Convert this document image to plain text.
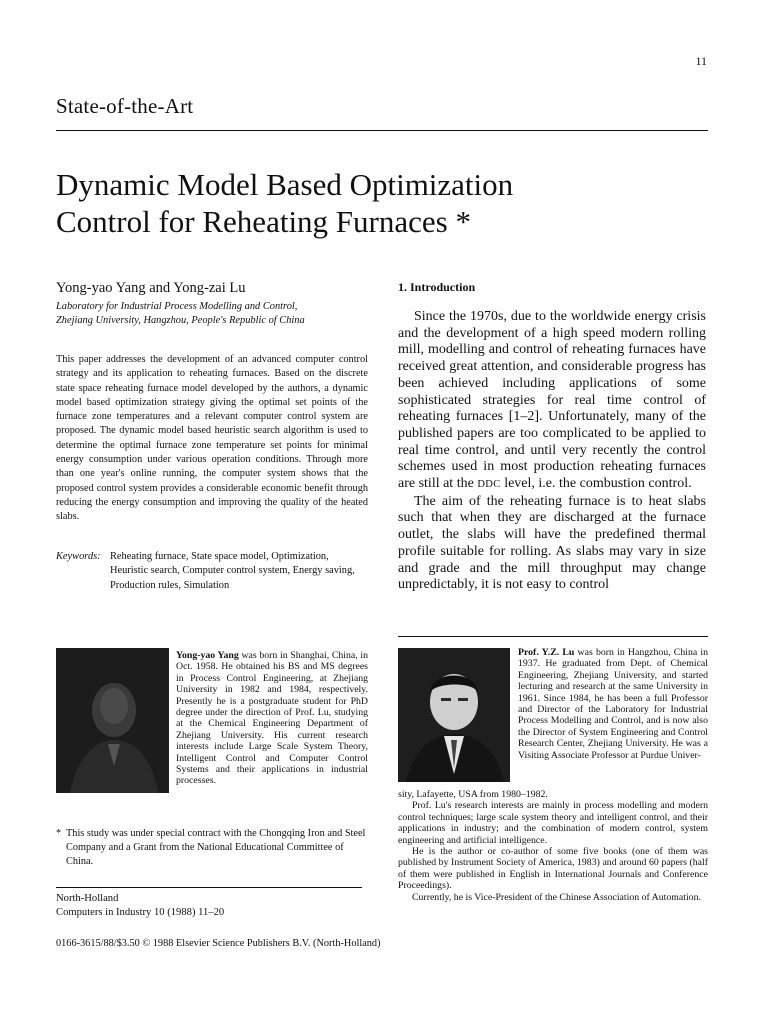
11
State-of-the-Art
Dynamic Model Based Optimization
Control for Reheating Furnaces *
Yong-yao Yang and Yong-zai Lu
Laboratory for Industrial Process Modelling and Control,
Zhejiang University, Hangzhou, People's Republic of China

This paper addresses the development of an advanced computer control strategy and its application to reheating furnaces. Based on the discrete state space reheating furnace model developed by the authors, a dynamic model based optimization strategy giving the optimal set points of the furnace zone temperatures and a relevant computer control system are proposed. The dynamic model based heuristic search algorithm is used to determine the optimal furnace zone temperature set points for minimal energy consumption under various operation conditions. Through more than one year's online running, the computer system shows that the proposed control system provides a considerable economic benefit through reducing the energy consumption and improving the quality of the heated slabs.

Keywords: Reheating furnace, State space model, Optimization, Heuristic search, Computer control system, Energy saving, Production rules, Simulation
1. Introduction

Since the 1970s, due to the worldwide energy crisis and the development of a high speed modern rolling mill, modelling and control of reheating furnaces have received great attention, and considerable progress has been achieved including applications of some sophisticated strategies for real time control of reheating furnaces [1–2]. Unfortunately, many of the published papers are too complicated to be applied to real time control, and until very recently the control schemes used in most production reheating furnaces are still at the DDC level, i.e. the combustion control.

The aim of the reheating furnace is to heat slabs such that when they are discharged at the furnace outlet, the slabs will have the predefined thermal profile suitable for rolling. As slabs may vary in size and grade and the mill throughput may change unpredictably, it is not easy to control

Yong-yao Yang was born in Shanghai, China, in Oct. 1958. He obtained his BS and MS degrees in Process Control Engineering, at Zhejiang University in 1982 and 1984, respectively. Presently he is a postgraduate student for PhD degree under the direction of Prof. Lu, studying at the Chemical Engineering Department of Zhejiang University. His current research interests include Large Scale System Theory, Intelligent Control and Computer Control Systems and their applications in industrial processes.
Prof. Y.Z. Lu was born in Hangzhou, China in 1937. He graduated from Dept. of Chemical Engineering, Zhejiang University, and started lecturing and research at the same University in 1961. Since 1984, he has been a full Professor and Director of the Laboratory for Industrial Process Modelling and Control, and is now also the Director of System Engineering and Control Research Center, Zhejiang University. He was a Visiting Associate Professor at Purdue Univer-

sity, Lafayette, USA from 1980–1982.

Prof. Lu's research interests are mainly in process modelling and modern control techniques; large scale system theory and intelligent control, and their applications in industry; and the combination of modern control, system engineering and artificial intelligence.

He is the author or co-author of some five books (one of them was published by Instrument Society of America, 1983) and around 60 papers (half of them were published in English in International Journals and Conference Proceedings).

Currently, he is Vice-President of the Chinese Association of Automation.

* This study was under special contract with the Chongqing Iron and Steel Company and a Grant from the National Educational Committee of China.
North-Holland
Computers in Industry 10 (1988) 11–20
0166-3615/88/$3.50 © 1988 Elsevier Science Publishers B.V. (North-Holland)
